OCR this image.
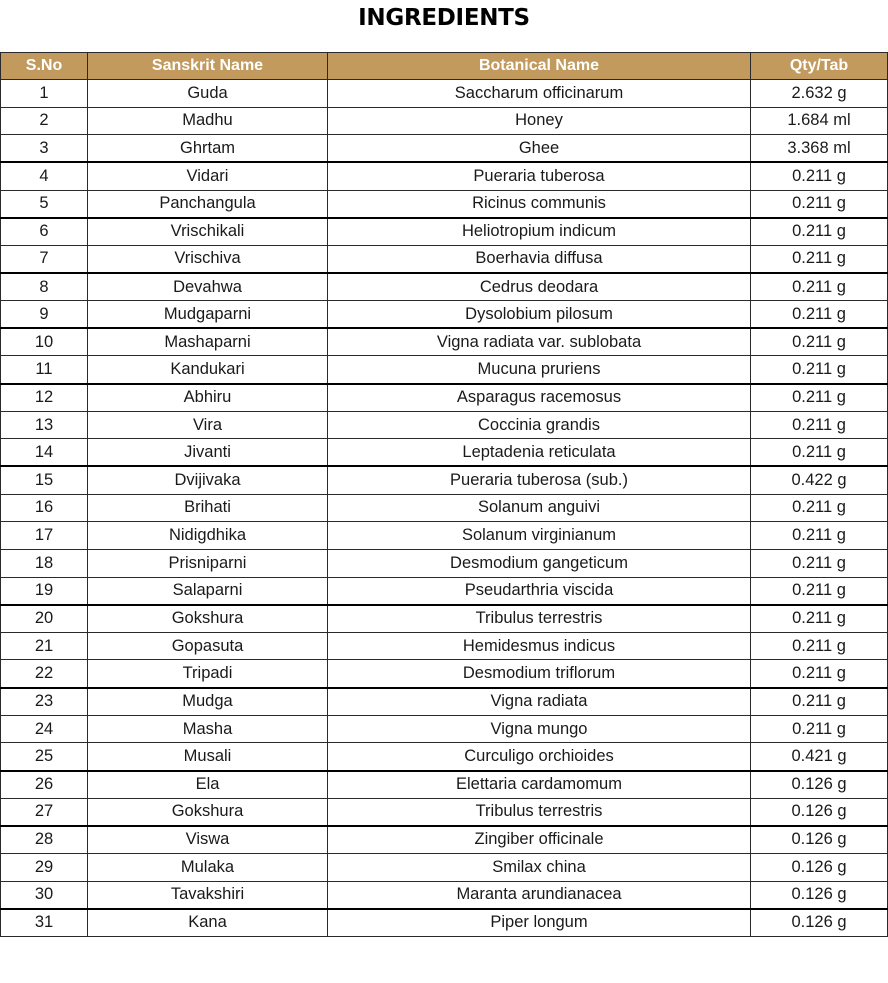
INGREDIENTS
S.No	Sanskrit Name	Botanical Name	Qty/Tab
1	Guda	Saccharum officinarum	2.632 g
2	Madhu	Honey	1.684 ml
3	Ghrtam	Ghee	3.368 ml
4	Vidari	Pueraria tuberosa	0.211 g
5	Panchangula	Ricinus communis	0.211 g
6	Vrischikali	Heliotropium indicum	0.211 g
7	Vrischiva	Boerhavia diffusa	0.211 g
8	Devahwa	Cedrus deodara	0.211 g
9	Mudgaparni	Dysolobium pilosum	0.211 g
10	Mashaparni	Vigna radiata var. sublobata	0.211 g
11	Kandukari	Mucuna pruriens	0.211 g
12	Abhiru	Asparagus racemosus	0.211 g
13	Vira	Coccinia grandis	0.211 g
14	Jivanti	Leptadenia reticulata	0.211 g
15	Dvijivaka	Pueraria tuberosa (sub.)	0.422 g
16	Brihati	Solanum anguivi	0.211 g
17	Nidigdhika	Solanum virginianum	0.211 g
18	Prisniparni	Desmodium gangeticum	0.211 g
19	Salaparni	Pseudarthria viscida	0.211 g
20	Gokshura	Tribulus terrestris	0.211 g
21	Gopasuta	Hemidesmus indicus	0.211 g
22	Tripadi	Desmodium triflorum	0.211 g
23	Mudga	Vigna radiata	0.211 g
24	Masha	Vigna mungo	0.211 g
25	Musali	Curculigo orchioides	0.421 g
26	Ela	Elettaria cardamomum	0.126 g
27	Gokshura	Tribulus terrestris	0.126 g
28	Viswa	Zingiber officinale	0.126 g
29	Mulaka	Smilax china	0.126 g
30	Tavakshiri	Maranta arundianacea	0.126 g
31	Kana	Piper longum	0.126 g
